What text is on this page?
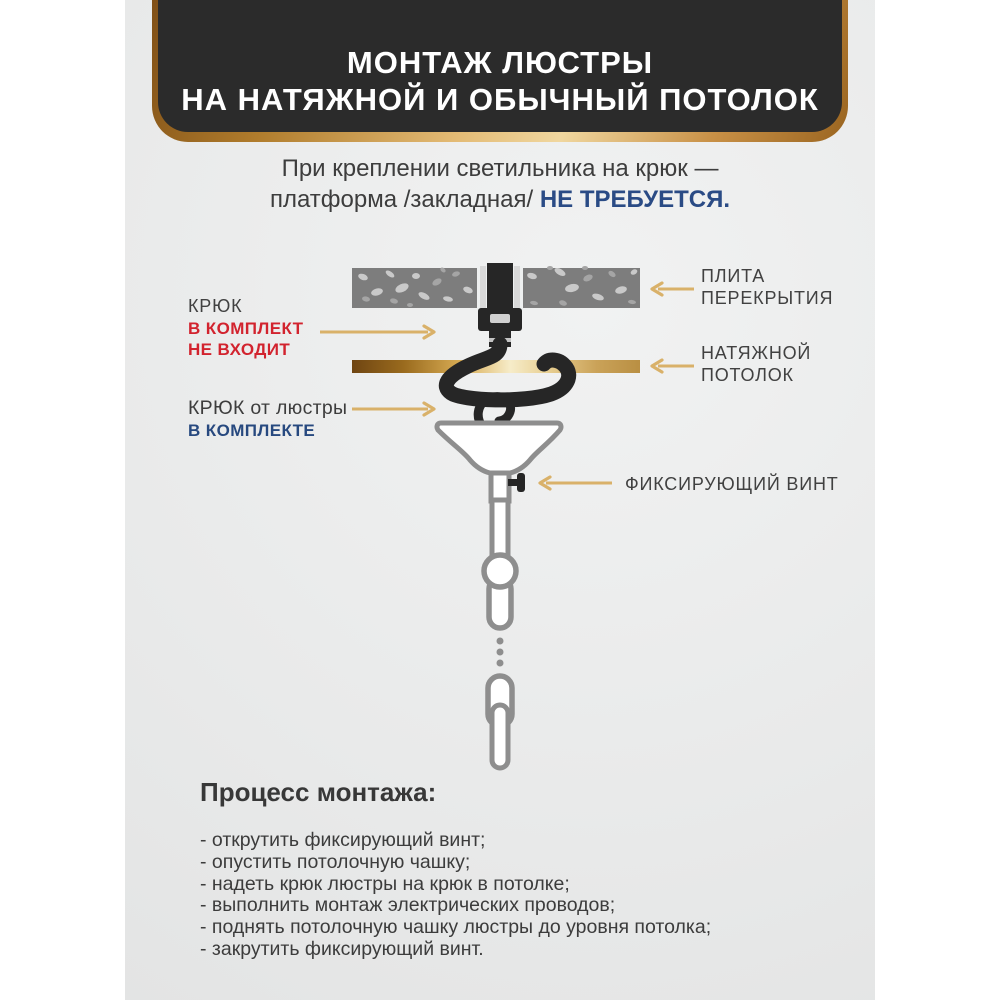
МОНТАЖ ЛЮСТРЫ
НА НАТЯЖНОЙ И ОБЫЧНЫЙ ПОТОЛОК
При креплении светильника на крюк —
платформа /закладная/ НЕ ТРЕБУЕТСЯ.
КРЮК
В КОМПЛЕКТ
НЕ ВХОДИТ
КРЮК от люстры
В КОМПЛЕКТЕ
ПЛИТА
ПЕРЕКРЫТИЯ
НАТЯЖНОЙ
ПОТОЛОК
ФИКСИРУЮЩИЙ ВИНТ
Процесс монтажа:
- открутить фиксирующий винт;
- опустить потолочную чашку;
- надеть крюк люстры на крюк в потолке;
- выполнить монтаж электрических проводов;
- поднять потолочную чашку люстры до уровня потолка;
- закрутить фиксирующий винт.
